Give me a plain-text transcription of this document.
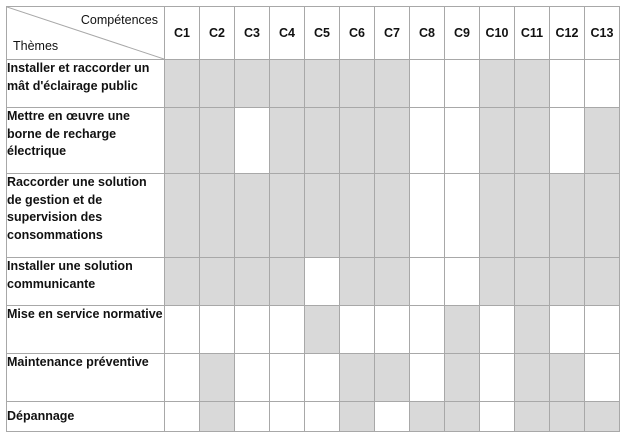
Compétences
Thèmes	C1	C2	C3	C4	C5	C6	C7	C8	C9	C10	C11	C12	C13
Installer et raccorder un mât d'éclairage public													
Mettre en œuvre une borne de recharge électrique													
Raccorder une solution de gestion et de supervision des consommations													
Installer une solution communicante													
Mise en service normative													
Maintenance préventive													
Dépannage													
